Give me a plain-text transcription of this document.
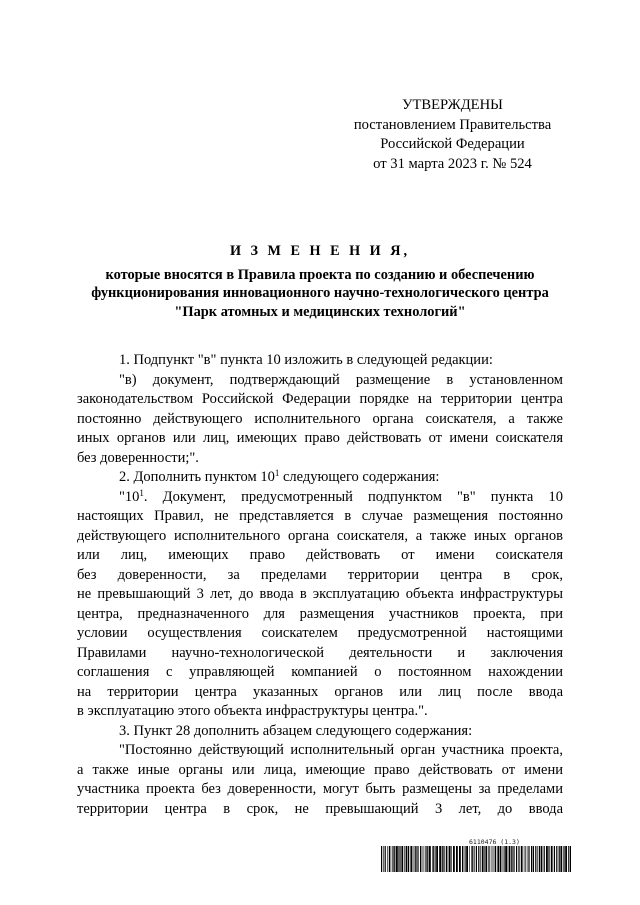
УТВЕРЖДЕНЫ
постановлением Правительства
Российской Федерации
от 31 марта 2023 г. № 524
И З М Е Н Е Н И Я,
которые вносятся в Правила проекта по созданию и обеспечению
функционирования инновационного научно-технологического центра
"Парк атомных и медицинских технологий"
1. Подпункт "в" пункта 10 изложить в следующей редакции:
"в) документ, подтверждающий размещение в установленном
законодательством Российской Федерации порядке на территории центра
постоянно действующего исполнительного органа соискателя, а также
иных органов или лиц, имеющих право действовать от имени соискателя
без доверенности;".
2. Дополнить пунктом $10^1$ следующего содержания:
"$10^1$. Документ, предусмотренный подпунктом "в" пункта 10
настоящих Правил, не представляется в случае размещения постоянно
действующего исполнительного органа соискателя, а также иных органов
или лиц, имеющих право действовать от имени соискателя
без доверенности, за пределами территории центра в срок,
не превышающий 3 лет, до ввода в эксплуатацию объекта инфраструктуры
центра, предназначенного для размещения участников проекта, при
условии осуществления соискателем предусмотренной настоящими
Правилами научно-технологической деятельности и заключения
соглашения с управляющей компанией о постоянном нахождении
на территории центра указанных органов или лиц после ввода
в эксплуатацию этого объекта инфраструктуры центра.".
3. Пункт 28 дополнить абзацем следующего содержания:
"Постоянно действующий исполнительный орган участника проекта,
а также иные органы или лица, имеющие право действовать от имени
участника проекта без доверенности, могут быть размещены за пределами
территории центра в срок, не превышающий 3 лет, до ввода
6110476 (1.3)
